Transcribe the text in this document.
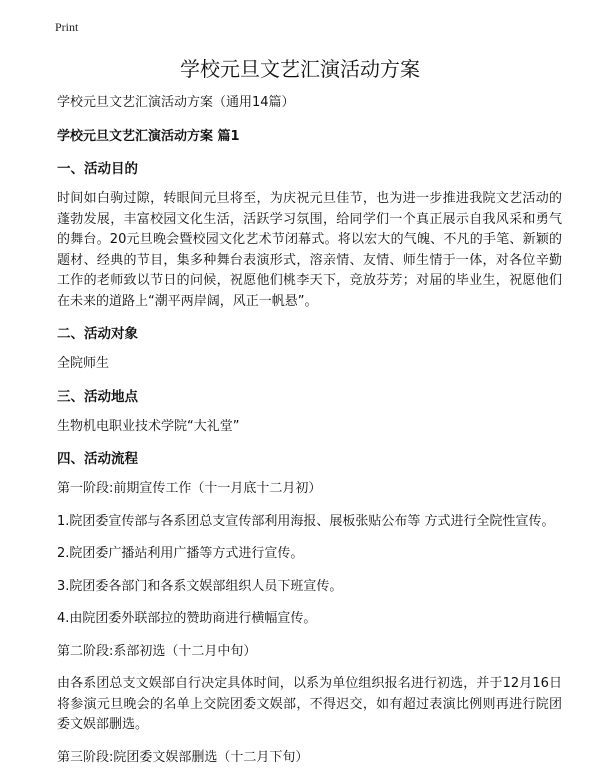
Print
学校元旦文艺汇演活动方案
学校元旦文艺汇演活动方案（通用14篇）
学校元旦文艺汇演活动方案 篇1
一、活动目的
时间如白驹过隙，转眼间元旦将至，为庆祝元旦佳节，也为进一步推进我院文艺活动的蓬勃发展，丰富校园文化生活，活跃学习氛围，给同学们一个真正展示自我风采和勇气的舞台。20元旦晚会暨校园文化艺术节闭幕式。将以宏大的气魄、不凡的手笔、新颖的题材、经典的节目，集多种舞台表演形式，溶亲情、友情、师生情于一体，对各位辛勤工作的老师致以节日的问候，祝愿他们桃李天下，竞放芬芳；对届的毕业生，祝愿他们在未来的道路上“潮平两岸阔，风正一帆悬”。
二、活动对象
全院师生
三、活动地点
生物机电职业技术学院“大礼堂”
四、活动流程
第一阶段:前期宣传工作（十一月底十二月初）
1.院团委宣传部与各系团总支宣传部利用海报、展板张贴公布等 方式进行全院性宣传。
2.院团委广播站利用广播等方式进行宣传。
3.院团委各部门和各系文娱部组织人员下班宣传。
4.由院团委外联部拉的赞助商进行横幅宣传。
第二阶段:系部初选（十二月中旬）
由各系团总支文娱部自行决定具体时间，以系为单位组织报名进行初选，并于12月16日将参演元旦晚会的名单上交院团委文娱部，不得迟交，如有超过表演比例则再进行院团委文娱部删选。
第三阶段:院团委文娱部删选（十二月下旬）
